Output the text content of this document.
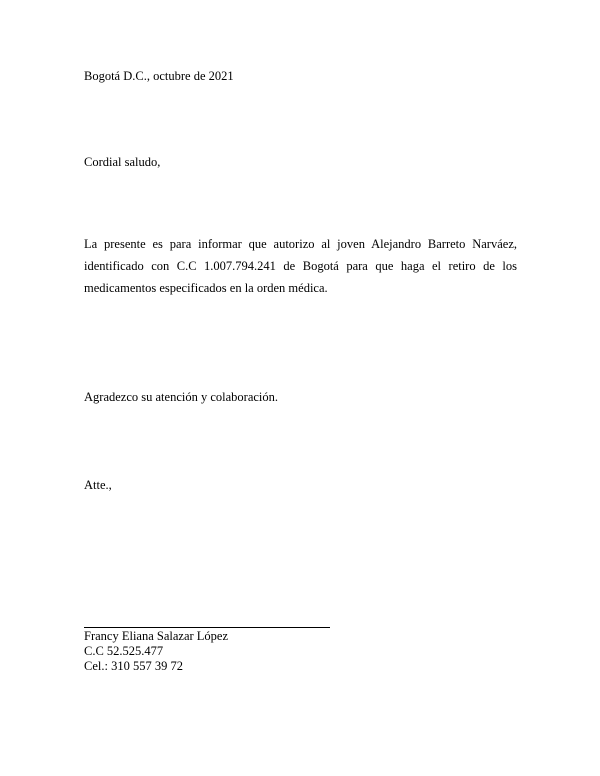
Bogotá D.C., octubre de 2021

Cordial saludo,

La presente es para informar que autorizo al joven Alejandro Barreto Narváez, identificado con C.C 1.007.794.241 de Bogotá para que haga el retiro de los medicamentos especificados en la orden médica.

Agradezco su atención y colaboración.

Atte.,

Francy Eliana Salazar López
C.C 52.525.477
Cel.: 310 557 39 72
